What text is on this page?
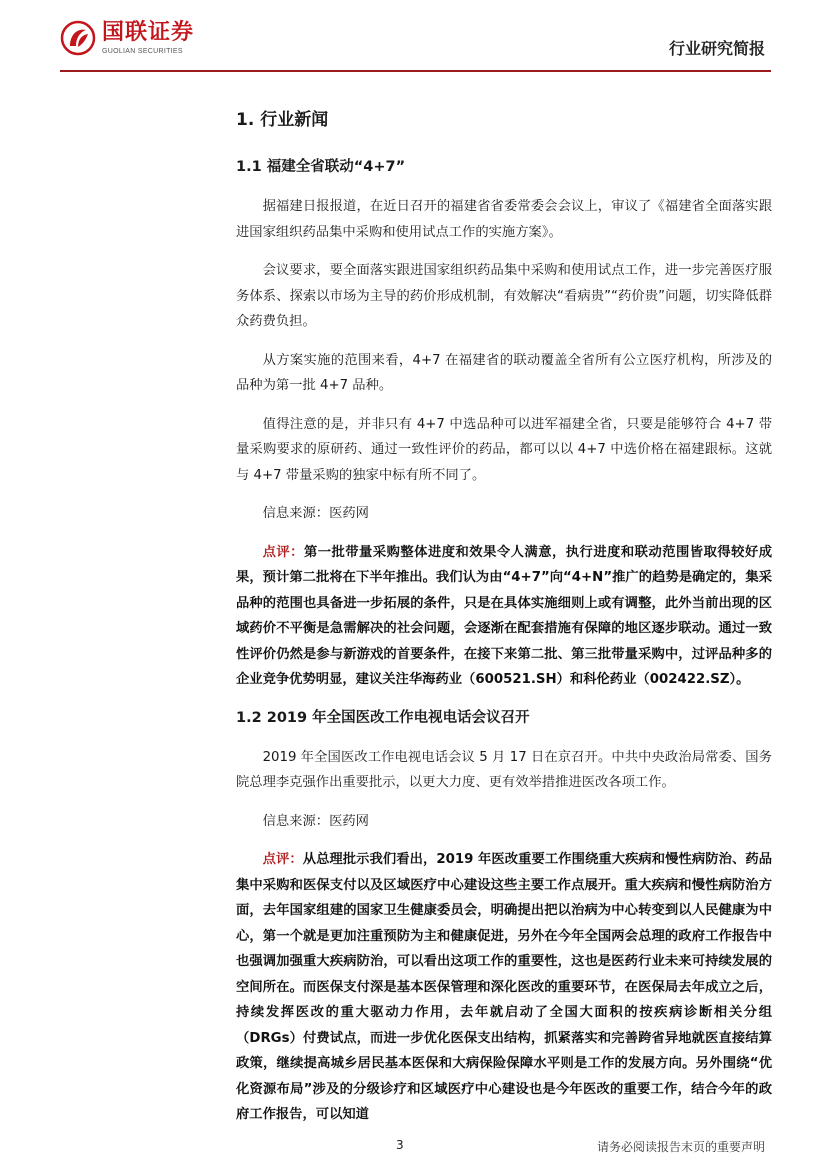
国联证券
GUOLIAN SECURITIES	行业研究简报
1. 行业新闻
1.1 福建全省联动“4+7”

据福建日报报道，在近日召开的福建省省委常委会会议上，审议了《福建省全面落实跟进国家组织药品集中采购和使用试点工作的实施方案》。

会议要求，要全面落实跟进国家组织药品集中采购和使用试点工作，进一步完善医疗服务体系、探索以市场为主导的药价形成机制，有效解决“看病贵”“药价贵”问题，切实降低群众药费负担。

从方案实施的范围来看，4+7 在福建省的联动覆盖全省所有公立医疗机构，所涉及的品种为第一批 4+7 品种。

值得注意的是，并非只有 4+7 中选品种可以进军福建全省，只要是能够符合 4+7 带量采购要求的原研药、通过一致性评价的药品，都可以以 4+7 中选价格在福建跟标。这就与 4+7 带量采购的独家中标有所不同了。

信息来源：医药网

点评：第一批带量采购整体进度和效果令人满意，执行进度和联动范围皆取得较好成果，预计第二批将在下半年推出。我们认为由“4+7”向“4+N”推广的趋势是确定的，集采品种的范围也具备进一步拓展的条件，只是在具体实施细则上或有调整，此外当前出现的区域药价不平衡是急需解决的社会问题，会逐渐在配套措施有保障的地区逐步联动。通过一致性评价仍然是参与新游戏的首要条件，在接下来第二批、第三批带量采购中，过评品种多的企业竞争优势明显，建议关注华海药业（600521.SH）和科伦药业（002422.SZ）。

1.2 2019 年全国医改工作电视电话会议召开

2019 年全国医改工作电视电话会议 5 月 17 日在京召开。中共中央政治局常委、国务院总理李克强作出重要批示，以更大力度、更有效举措推进医改各项工作。

信息来源：医药网

点评：从总理批示我们看出，2019 年医改重要工作围绕重大疾病和慢性病防治、药品集中采购和医保支付以及区域医疗中心建设这些主要工作点展开。重大疾病和慢性病防治方面，去年国家组建的国家卫生健康委员会，明确提出把以治病为中心转变到以人民健康为中心，第一个就是更加注重预防为主和健康促进，另外在今年全国两会总理的政府工作报告中也强调加强重大疾病防治，可以看出这项工作的重要性，这也是医药行业未来可持续发展的空间所在。而医保支付深是基本医保管理和深化医改的重要环节，在医保局去年成立之后，持续发挥医改的重大驱动力作用，去年就启动了全国大面积的按疾病诊断相关分组（DRGs）付费试点，而进一步优化医保支出结构，抓紧落实和完善跨省异地就医直接结算政策，继续提高城乡居民基本医保和大病保险保障水平则是工作的发展方向。另外围绕“优化资源布局”涉及的分级诊疗和区域医疗中心建设也是今年医改的重要工作，结合今年的政府工作报告，可以知道

3	请务必阅读报告末页的重要声明
